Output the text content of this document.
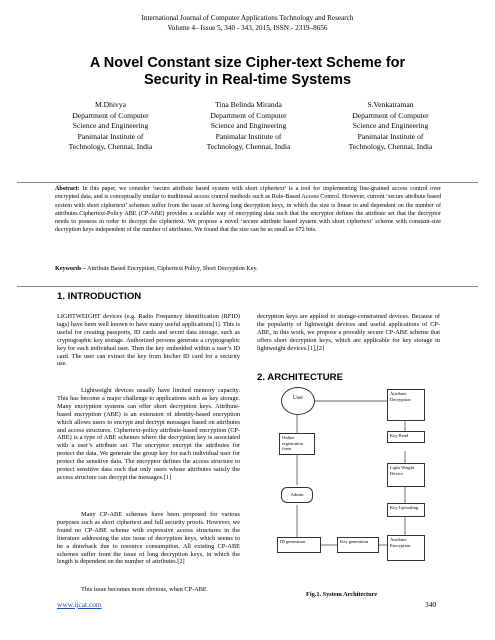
International Journal of Computer Applications Technology and Research
Volume 4– Issue 5, 340 - 343, 2015, ISSN:- 2319–8656
A Novel Constant size Cipher-text Scheme for
Security in Real-time Systems
M.Dhivya
Department of Computer
Science and Engineering
Panimalar Institute of
Technology, Chennai, India
Tina Belinda Miranda
Department of Computer
Science and Engineering
Panimalar Institute of
Technology, Chennai, India
S.Venkatraman
Department of Computer
Science and Engineering
Panimalar Institute of
Technology, Chennai, India
Abstract: In this paper, we consider ‘secure attribute based system with short ciphertext’ is a tool for implementing fine-grained access control over encrypted data, and is conceptually similar to traditional access control methods such as Role-Based Access Control. However, current ‘secure attribute based system with short ciphertext’ schemes suffer from the issue of having long decryption keys, in which the size is linear to and dependent on the number of attributes.Ciphertext-Policy ABE (CP-ABE) provides a scalable way of encrypting data such that the encryptor defines the attribute set that the decryptor needs to possess in order to decrypt the ciphertext. We propose a novel ‘secure attribute based system with short ciphertext’ scheme with constant-size decryption keys independent of the number of attributes. We found that the size can be as small as 672 bits.
Keywords – Attribute Based Encryption, Ciphertext Policy, Short Decryption Key.
1. INTRODUCTION
LIGHTWEIGHT devices (e.g. Radio Frequency Identification (RFID) tags) have been well known to have many useful applications[1]. This is useful for creating passports, ID cards and secret data storage, such as cryptographic key storage. Authorized persons generate a cryptographic key for each individual user. Then the key embedded within a user’s ID card. The user can extract the key from his/her ID card for a security use.
Lightweight devices usually have limited memory capacity. This has become a major challenge to applications such as key storage. Many encryption systems can offer short decryption keys. Attribute-based encryption (ABE) is an extension of identity-based encryption which allows users to encrypt and decrypt messages based on attributes and access structures. Ciphertext-policy attribute-based encryption (CP-ABE) is a type of ABE schemes where the decryption key is associated with a user’s attribute set. The encryptor encrypt the attributes for protect the data. We generate the group key for each individual user for protect the sensitive data. The encryptor defines the access structure to protect sensitive data such that only users whose attributes satisfy the access structure can decrypt the messages.[1]
Many CP-ABE schemes have been proposed for various purposes such as short ciphertext and full security proofs. However, we found no CP-ABE scheme with expressive access structures in the literature addressing the size issue of decryption keys, which seems to be a drawback due to resource consumption. All existing CP-ABE schemes suffer from the issue of long decryption keys, in which the length is dependent on the number of attributes.[2]
This issue becomes more obvious, when CP-ABE
decryption keys are applied to storage-constrained devices. Because of the popularity of lightweight devices and useful applications of CP-ABE, in this work, we propose a provably secure CP-ABE scheme that offers short decryption keys, which are applicable for key storage in lightweight devices.[1],[2]
2. ARCHITECTURE
User
Online registration form
Admin
ID generation	Key generation
Attribute Decryption
Key Read
Light Weight Device
Key Uploading
Attribute Encryption
Fig.1. System Architecture
www.ijcat.com	340
